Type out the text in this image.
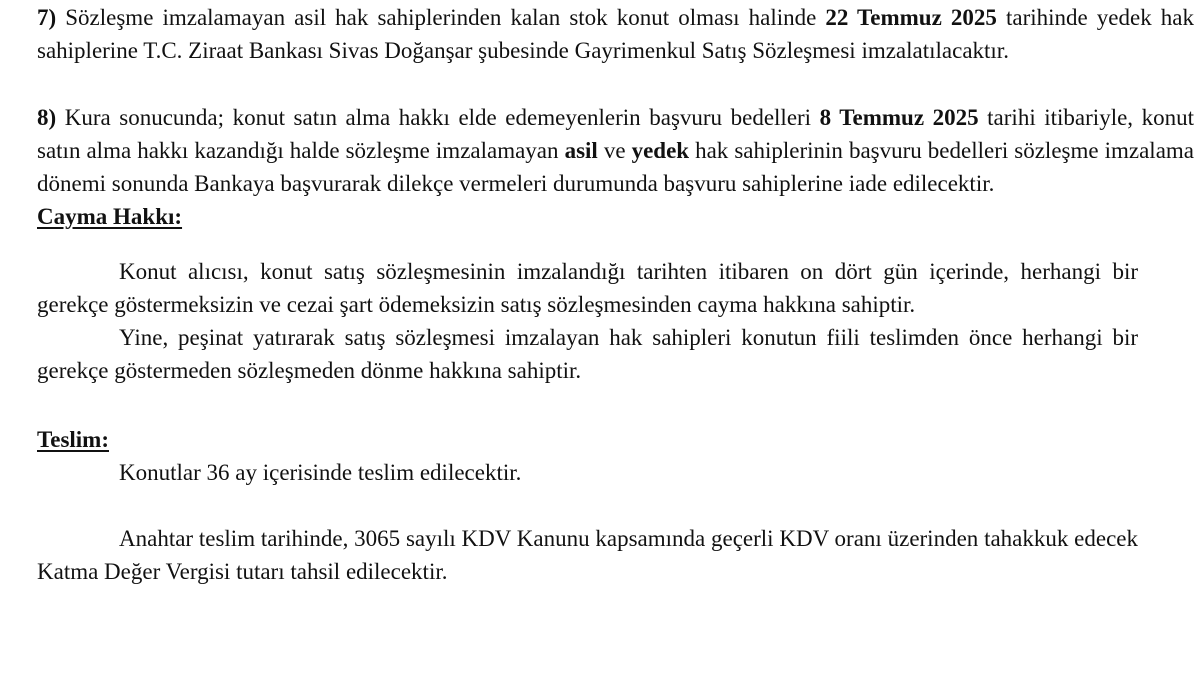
7) Sözleşme imzalamayan asil hak sahiplerinden kalan stok konut olması halinde 22 Temmuz 2025 tarihinde yedek hak sahiplerine T.C. Ziraat Bankası Sivas Doğanşar şubesinde Gayrimenkul Satış Sözleşmesi imzalatılacaktır.

8) Kura sonucunda; konut satın alma hakkı elde edemeyenlerin başvuru bedelleri 8 Temmuz 2025 tarihi itibariyle, konut satın alma hakkı kazandığı halde sözleşme imzalamayan asil ve yedek hak sahiplerinin başvuru bedelleri sözleşme imzalama dönemi sonunda Bankaya başvurarak dilekçe vermeleri durumunda başvuru sahiplerine iade edilecektir.

Cayma Hakkı:

Konut alıcısı, konut satış sözleşmesinin imzalandığı tarihten itibaren on dört gün içerinde, herhangi bir gerekçe göstermeksizin ve cezai şart ödemeksizin satış sözleşmesinden cayma hakkına sahiptir.

Yine, peşinat yatırarak satış sözleşmesi imzalayan hak sahipleri konutun fiili teslimden önce herhangi bir gerekçe göstermeden sözleşmeden dönme hakkına sahiptir.

Teslim:

Konutlar 36 ay içerisinde teslim edilecektir.

Anahtar teslim tarihinde, 3065 sayılı KDV Kanunu kapsamında geçerli KDV oranı üzerinden tahakkuk edecek Katma Değer Vergisi tutarı tahsil edilecektir.
